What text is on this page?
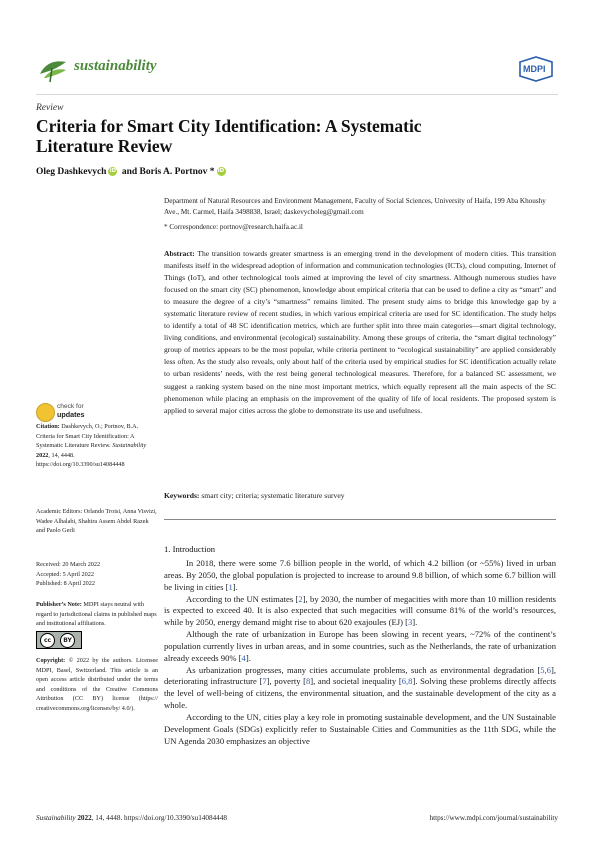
sustainability	MDPI
Review
Criteria for Smart City Identification: A Systematic Literature Review
Oleg Dashkevych iD and Boris A. Portnov * iD
Department of Natural Resources and Environment Management, Faculty of Social Sciences, University of Haifa, 199 Aba Khoushy Ave., Mt. Carmel, Haifa 3498838, Israel; daskevycholeg@gmail.com
* Correspondence: portnov@research.haifa.ac.il
Abstract: The transition towards greater smartness is an emerging trend in the development of modern cities. This transition manifests itself in the widespread adoption of information and communication technologies (ICTs), cloud computing, Internet of Things (IoT), and other technological tools aimed at improving the level of city smartness. Although numerous studies have focused on the smart city (SC) phenomenon, knowledge about empirical criteria that can be used to define a city as “smart” and to measure the degree of a city’s “smartness” remains limited. The present study aims to bridge this knowledge gap by a systematic literature review of recent studies, in which various empirical criteria are used for SC identification. The study helps to identify a total of 48 SC identification metrics, which are further split into three main categories—smart digital technology, living conditions, and environmental (ecological) sustainability. Among these groups of criteria, the “smart digital technology” group of metrics appears to be the most popular, while criteria pertinent to “ecological sustainability” are applied considerably less often. As the study also reveals, only about half of the criteria used by empirical studies for SC identification actually relate to urban residents’ needs, with the rest being general technological measures. Therefore, for a balanced SC assessment, we suggest a ranking system based on the nine most important metrics, which equally represent all the main aspects of the SC phenomenon while placing an emphasis on the improvement of the quality of life of local residents. The proposed system is applied to several major cities across the globe to demonstrate its use and usefulness.
Keywords: smart city; criteria; systematic literature survey
1. Introduction

In 2018, there were some 7.6 billion people in the world, of which 4.2 billion (or ~55%) lived in urban areas. By 2050, the global population is projected to increase to around 9.8 billion, of which some 6.7 billion will be living in cities [1].

According to the UN estimates [2], by 2030, the number of megacities with more than 10 million residents is expected to exceed 40. It is also expected that such megacities will consume 81% of the world’s resources, while by 2050, energy demand might rise to about 620 exajoules (EJ) [3].

Although the rate of urbanization in Europe has been slowing in recent years, ~72% of the continent’s population currently lives in urban areas, and in some countries, such as the Netherlands, the rate of urbanization already exceeds 90% [4].

As urbanization progresses, many cities accumulate problems, such as environmental degradation [5,6], deteriorating infrastructure [7], poverty [8], and societal inequality [6,8]. Solving these problems directly affects the level of well-being of citizens, the environmental situation, and the sustainable development of the city as a whole.

According to the UN, cities play a key role in promoting sustainable development, and the UN Sustainable Development Goals (SDGs) explicitly refer to Sustainable Cities and Communities as the 11th SDG, while the UN Agenda 2030 emphasizes an objective

check for
updates
Citation: Dashkevych, O.; Portnov, B.A. Criteria for Smart City Identification: A Systematic Literature Review. Sustainability 2022, 14, 4448. https://doi.org/10.3390/su14084448
Academic Editors: Orlando Troisi, Anna Visvizi, Wadee Alhalabi, Shahira Assem Abdel Razek and Paolo Gerli
Received: 20 March 2022
Accepted: 5 April 2022
Published: 8 April 2022
Publisher’s Note: MDPI stays neutral with regard to jurisdictional claims in published maps and institutional affiliations.
cc	BY
Copyright: © 2022 by the authors. Licensee MDPI, Basel, Switzerland. This article is an open access article distributed under the terms and conditions of the Creative Commons Attribution (CC BY) license (https:// creativecommons.org/licenses/by/ 4.0/).
Sustainability 2022, 14, 4448. https://doi.org/10.3390/su14084448	https://www.mdpi.com/journal/sustainability
